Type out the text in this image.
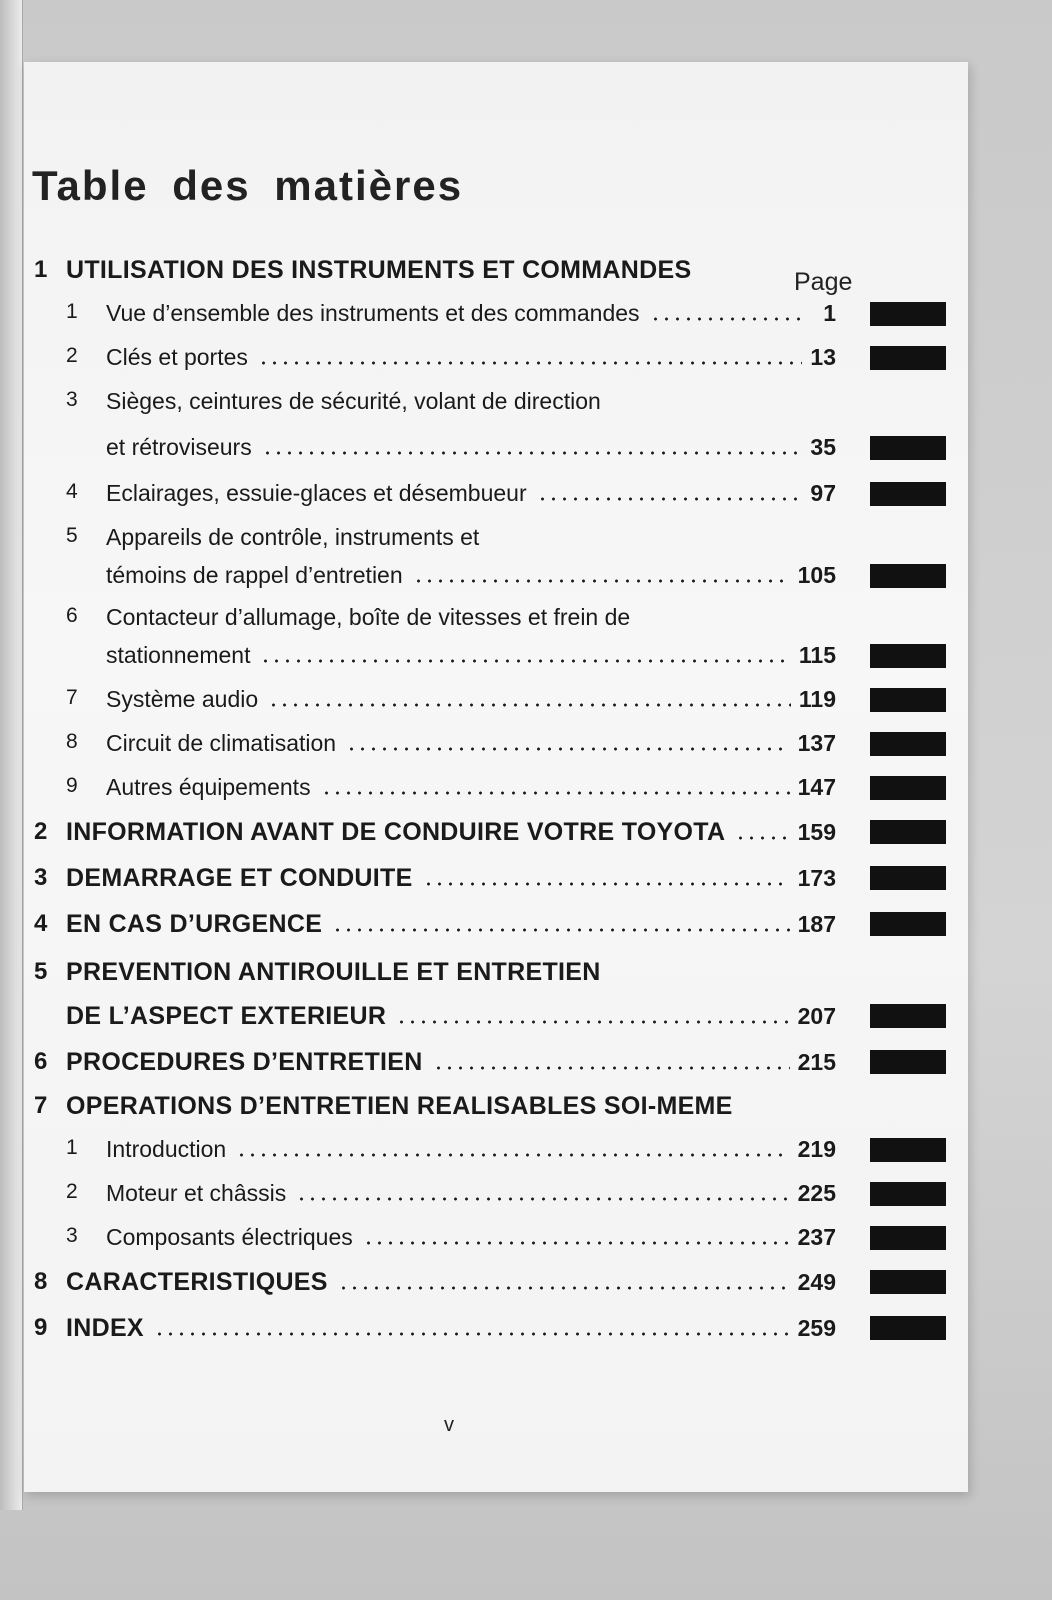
Table des matières
Page
1 UTILISATION DES INSTRUMENTS ET COMMANDES
1 Vue d’ensemble des instruments et des commandes	1
2 Clés et portes	13
3 Sièges, ceintures de sécurité, volant de direction
et rétroviseurs	35
4 Eclairages, essuie-glaces et désembueur	97
5 Appareils de contrôle, instruments et
témoins de rappel d’entretien	105
6 Contacteur d’allumage, boîte de vitesses et frein de
stationnement	115
7 Système audio	119
8 Circuit de climatisation	137
9 Autres équipements	147
2 INFORMATION AVANT DE CONDUIRE VOTRE TOYOTA	159
3 DEMARRAGE ET CONDUITE	173
4 EN CAS D’URGENCE	187
5 PREVENTION ANTIROUILLE ET ENTRETIEN
DE L’ASPECT EXTERIEUR	207
6 PROCEDURES D’ENTRETIEN	215
7 OPERATIONS D’ENTRETIEN REALISABLES SOI-MEME
1 Introduction	219
2 Moteur et châssis	225
3 Composants électriques	237
8 CARACTERISTIQUES	249
9 INDEX	259
v
